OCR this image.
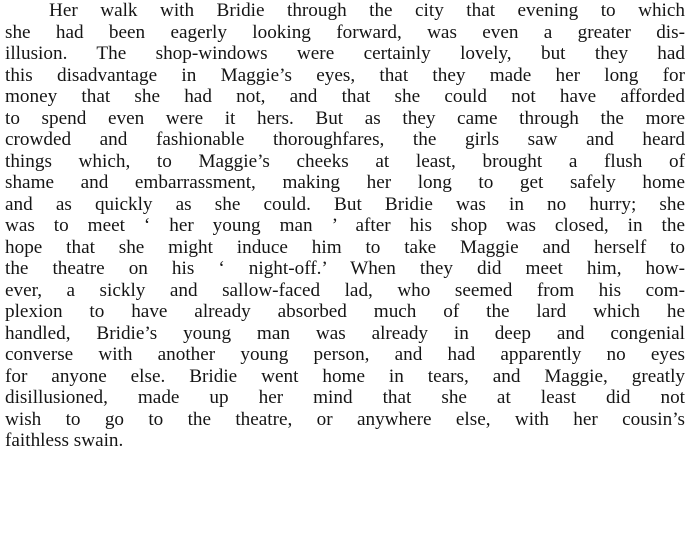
Her walk with Bridie through the city that evening to which
she had been eagerly looking forward, was even a greater dis-
illusion. The shop-windows were certainly lovely, but they had
this disadvantage in Maggie’s eyes, that they made her long for
money that she had not, and that she could not have afforded
to spend even were it hers. But as they came through the more
crowded and fashionable thoroughfares, the girls saw and heard
things which, to Maggie’s cheeks at least, brought a flush of
shame and embarrassment, making her long to get safely home
and as quickly as she could. But Bridie was in no hurry; she
was to meet ‘ her young man ’ after his shop was closed, in the
hope that she might induce him to take Maggie and herself to
the theatre on his ‘ night-off.’ When they did meet him, how-
ever, a sickly and sallow-faced lad, who seemed from his com-
plexion to have already absorbed much of the lard which he
handled, Bridie’s young man was already in deep and congenial
converse with another young person, and had apparently no eyes
for anyone else. Bridie went home in tears, and Maggie, greatly
disillusioned, made up her mind that she at least did not
wish to go to the theatre, or anywhere else, with her cousin’s
faithless swain.
